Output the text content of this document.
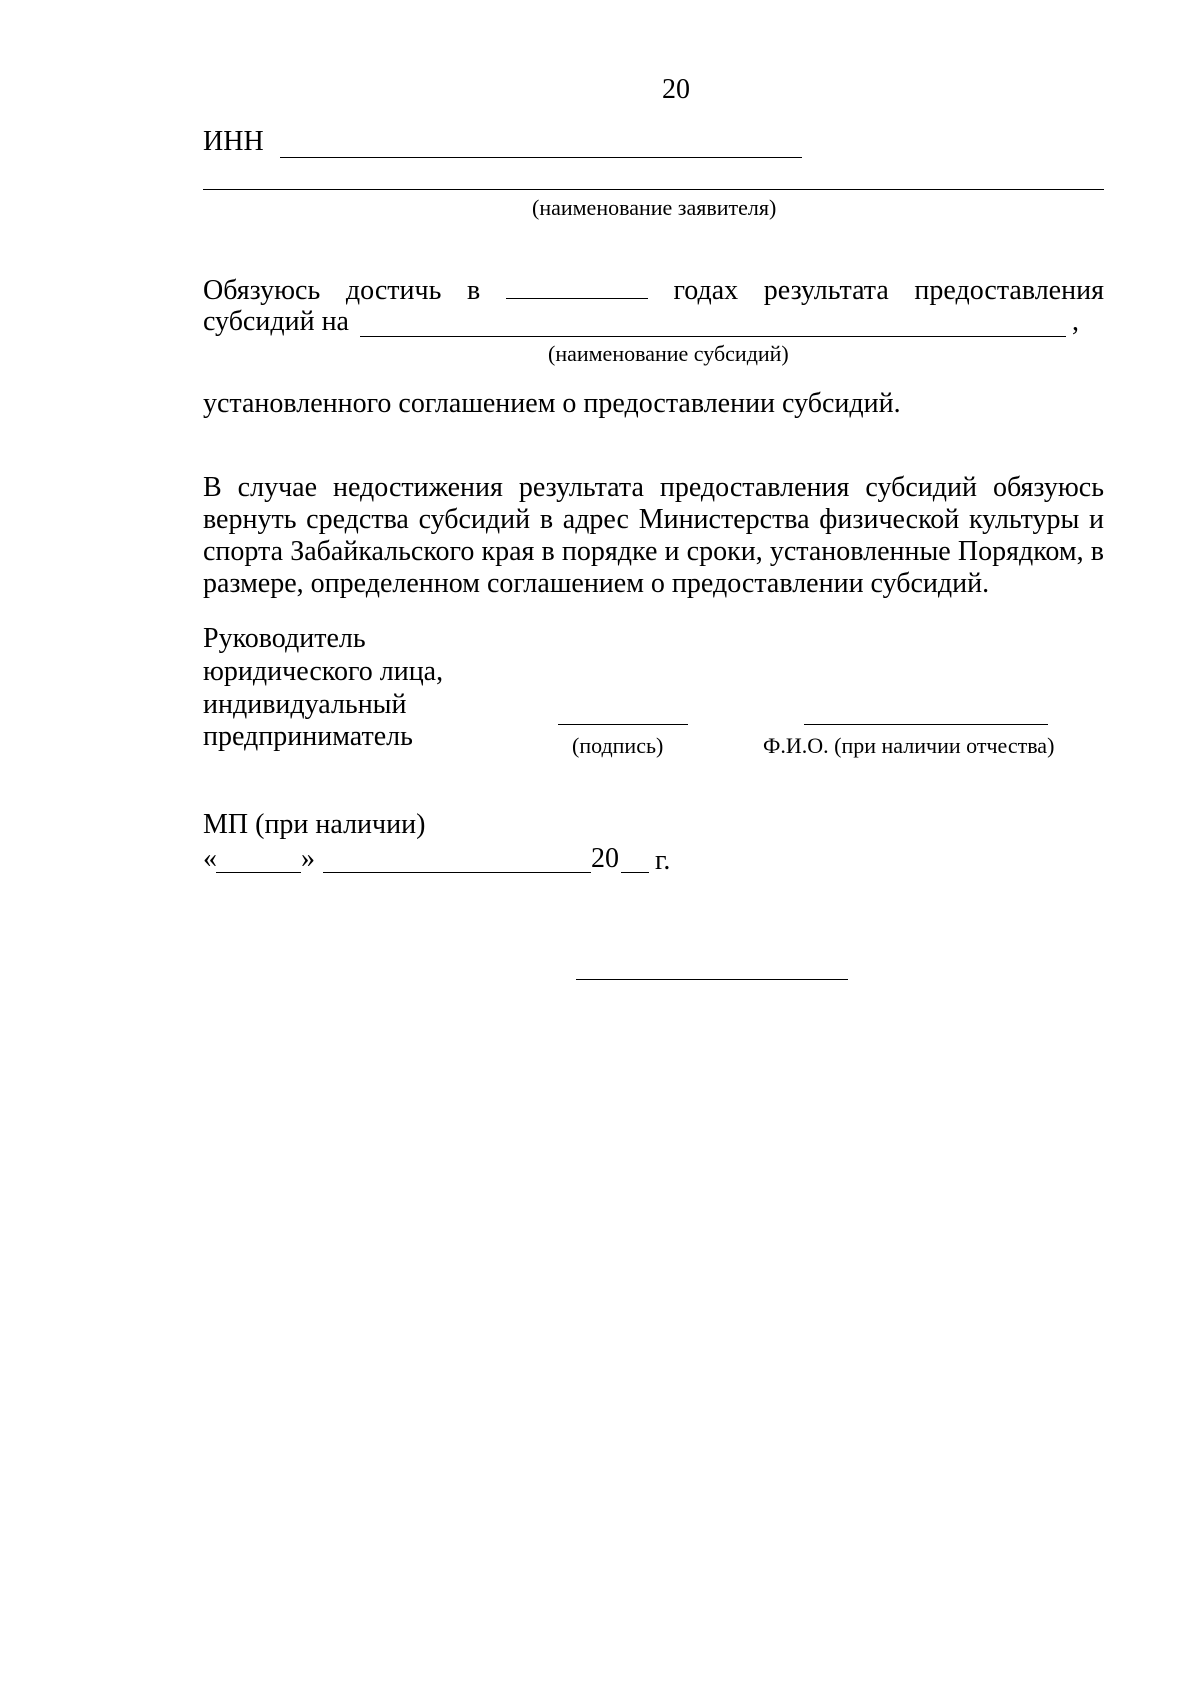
20
ИНН
(наименование заявителя)
Обязуюсь достичь в	годах результата предоставления
субсидий на	,
(наименование субсидий)
установленного соглашением о предоставлении субсидий.
В случае недостижения результата предоставления субсидий обязуюсь вернуть средства субсидий в адрес Министерства физической культуры и спорта Забайкальского края в порядке и сроки, установленные Порядком, в размере, определенном соглашением о предоставлении субсидий.
Руководитель
юридического лица,
индивидуальный
предприниматель	(подпись)	Ф.И.О. (при наличии отчества)
МП (при наличии)
«	»	20 г.
